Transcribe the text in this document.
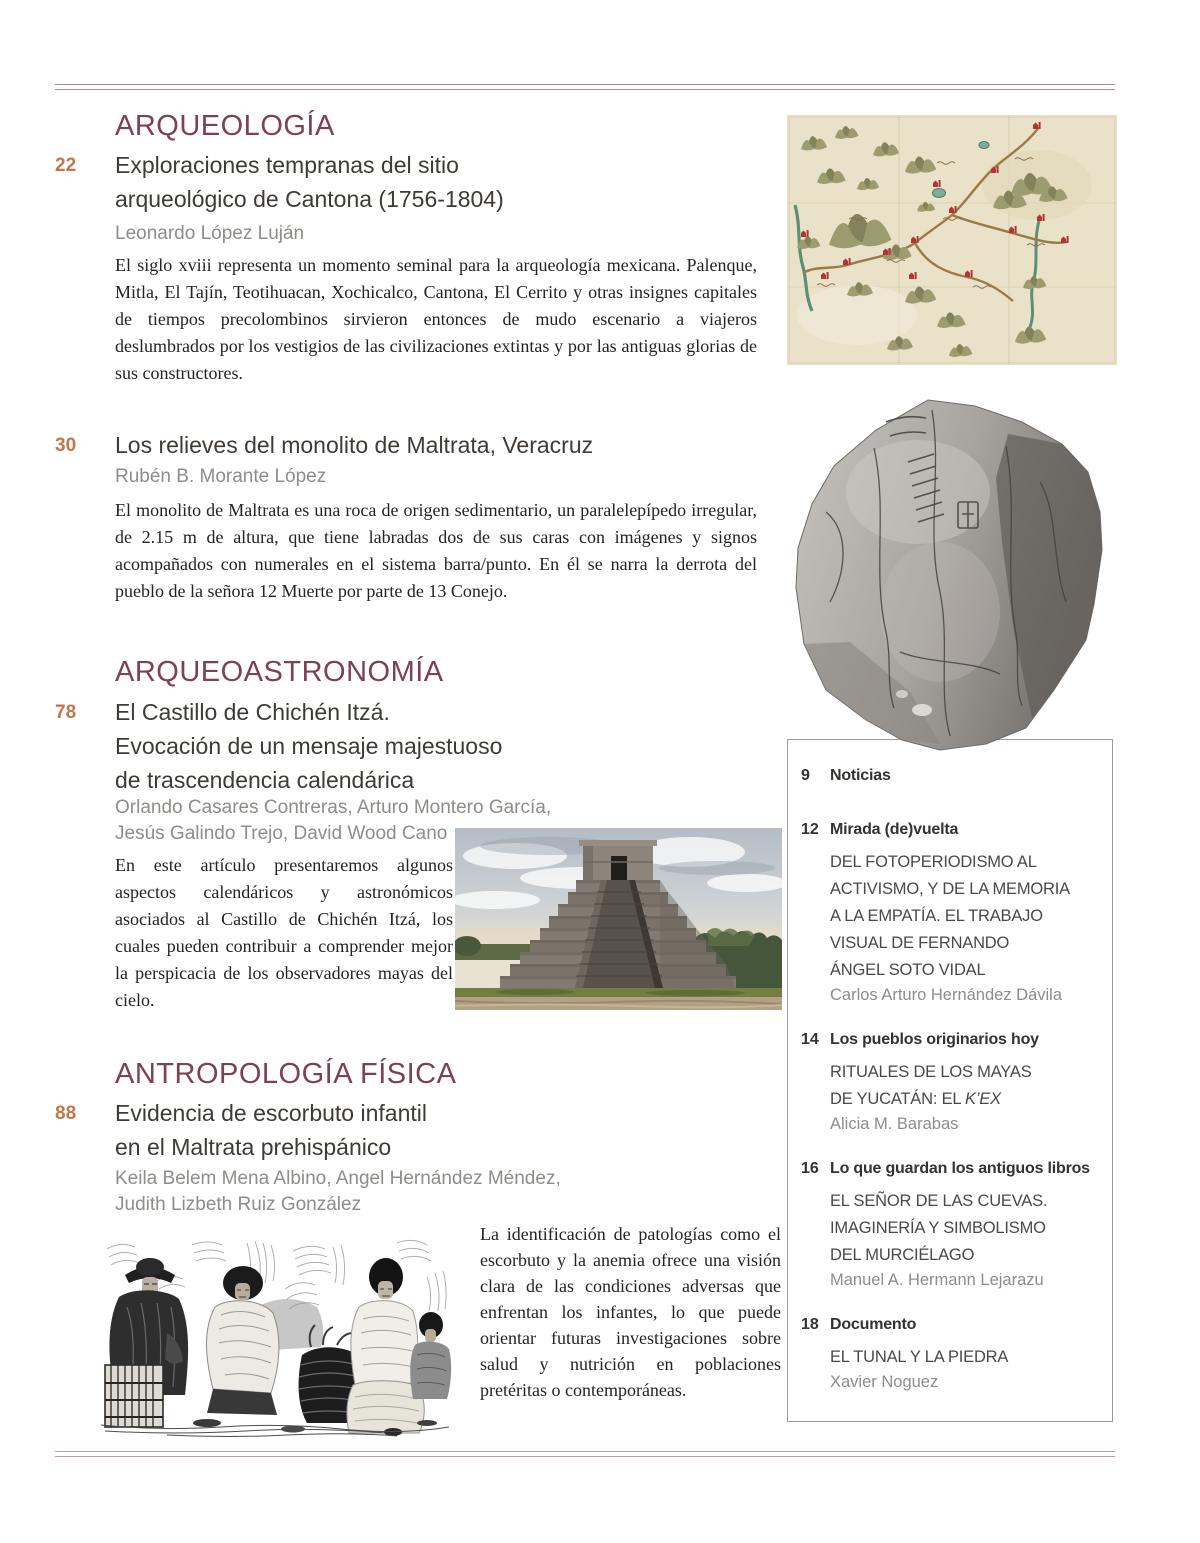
ARQUEOLOGÍA
22 Exploraciones tempranas del sitio
arqueológico de Cantona (1756-1804)
Leonardo López Luján
El siglo xviii representa un momento seminal para la arqueología mexicana. Palenque, Mitla, El Tajín, Teotihuacan, Xochicalco, Cantona, El Cerrito y otras insignes capitales de tiempos precolombinos sirvieron entonces de mudo escenario a viajeros deslumbrados por los vestigios de las civilizaciones extintas y por las antiguas glorias de sus constructores.
30 Los relieves del monolito de Maltrata, Veracruz
Rubén B. Morante López
El monolito de Maltrata es una roca de origen sedimentario, un paralelepípedo irregular, de 2.15 m de altura, que tiene labradas dos de sus caras con imágenes y signos acompañados con numerales en el sistema barra/punto. En él se narra la derrota del pueblo de la señora 12 Muerte por parte de 13 Conejo.
ARQUEOASTRONOMÍA
78 El Castillo de Chichén Itzá.
Evocación de un mensaje majestuoso
de trascendencia calendárica
Orlando Casares Contreras, Arturo Montero García,
Jesús Galindo Trejo, David Wood Cano
En este artículo presentaremos algunos aspectos calendáricos y astronómicos asociados al Castillo de Chichén Itzá, los cuales pueden contribuir a comprender mejor la perspicacia de los observadores mayas del cielo.
ANTROPOLOGÍA FÍSICA
88 Evidencia de escorbuto infantil
en el Maltrata prehispánico
Keila Belem Mena Albino, Angel Hernández Méndez,
Judith Lizbeth Ruiz González
La identificación de patologías como el escorbuto y la anemia ofrece una visión clara de las condiciones adversas que enfrentan los infantes, lo que puede orientar futuras investigaciones sobre salud y nutrición en poblaciones pretéritas o contemporáneas.
9	Noticias
12 Mirada (de)vuelta
DEL FOTOPERIODISMO AL
ACTIVISMO, Y DE LA MEMORIA
A LA EMPATÍA. EL TRABAJO
VISUAL DE FERNANDO
ÁNGEL SOTO VIDAL
Carlos Arturo Hernández Dávila
14 Los pueblos originarios hoy
RITUALES DE LOS MAYAS
DE YUCATÁN: EL K’EX
Alicia M. Barabas
16 Lo que guardan los antiguos libros
EL SEÑOR DE LAS CUEVAS.
IMAGINERÍA Y SIMBOLISMO
DEL MURCIÉLAGO
Manuel A. Hermann Lejarazu
18 Documento
EL TUNAL Y LA PIEDRA
Xavier Noguez
